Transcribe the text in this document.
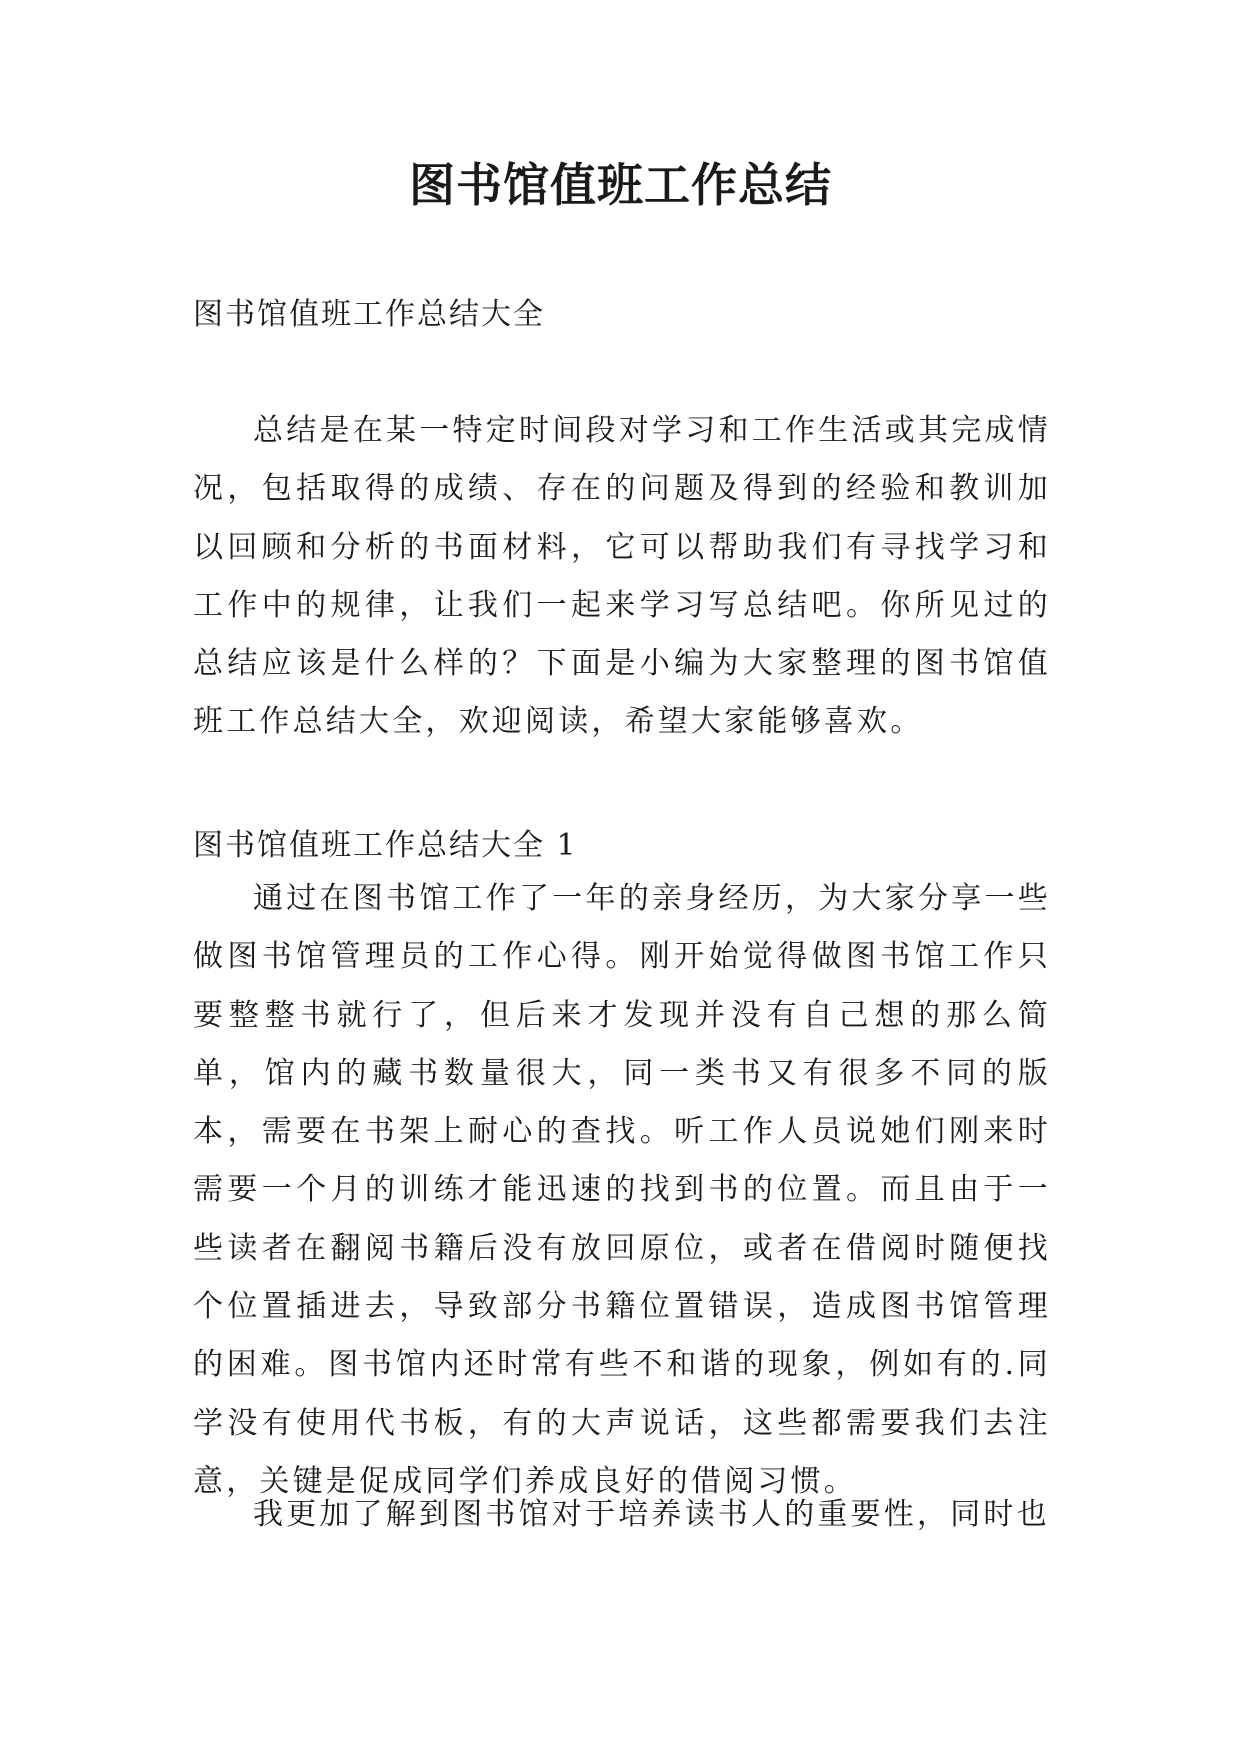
图书馆值班工作总结

图书馆值班工作总结大全

总结是在某一特定时间段对学习和工作生活或其完成情况，包括取得的成绩、存在的问题及得到的经验和教训加以回顾和分析的书面材料，它可以帮助我们有寻找学习和工作中的规律，让我们一起来学习写总结吧。你所见过的总结应该是什么样的？下面是小编为大家整理的图书馆值班工作总结大全，欢迎阅读，希望大家能够喜欢。

图书馆值班工作总结大全 1

通过在图书馆工作了一年的亲身经历，为大家分享一些做图书馆管理员的工作心得。刚开始觉得做图书馆工作只要整整书就行了，但后来才发现并没有自己想的那么简单，馆内的藏书数量很大，同一类书又有很多不同的版本，需要在书架上耐心的查找。听工作人员说她们刚来时需要一个月的训练才能迅速的找到书的位置。而且由于一些读者在翻阅书籍后没有放回原位，或者在借阅时随便找个位置插进去，导致部分书籍位置错误，造成图书馆管理的困难。图书馆内还时常有些不和谐的现象，例如有的.同学没有使用代书板，有的大声说话，这些都需要我们去注意，关键是促成同学们养成良好的借阅习惯。

我更加了解到图书馆对于培养读书人的重要性，同时也
